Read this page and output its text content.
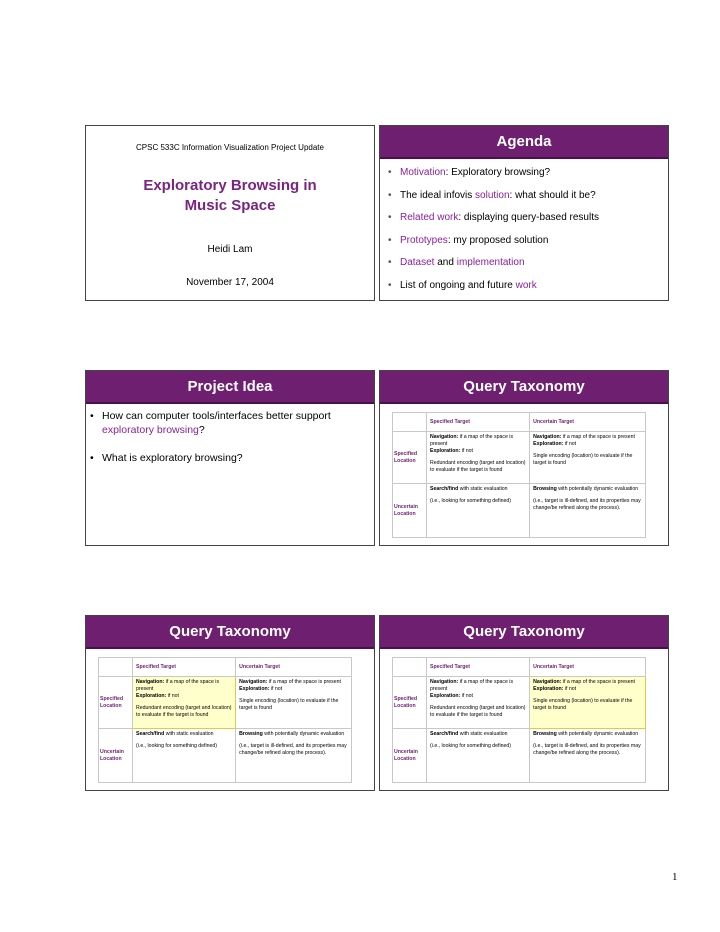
CPSC 533C Information Visualization Project Update
Exploratory Browsing in
Music Space
Heidi Lam
November 17, 2004
Agenda
• Motivation: Exploratory browsing?
• The ideal infovis solution: what should it be?
• Related work: displaying query-based results
• Prototypes: my proposed solution
• Dataset and implementation
• List of ongoing and future work
Project Idea
• How can computer tools/interfaces better support exploratory browsing?
• What is exploratory browsing?
Query Taxonomy
	Specified Target	Uncertain Target
Specified Location	Navigation: if a map of the space is present
Exploration: if not
Redundant encoding (target and location) to evaluate if the target is found	Navigation: if a map of the space is present
Exploration: if not
Single encoding (location) to evaluate if the target is found
Uncertain Location	Search/find with static evaluation
(i.e., looking for something defined)	Browsing with potentially dynamic evaluation
(i.e., target is ill-defined, and its properties may change/be refined along the process).
Query Taxonomy
	Specified Target	Uncertain Target
Specified Location	Navigation: if a map of the space is present
Exploration: if not
Redundant encoding (target and location) to evaluate if the target is found	Navigation: if a map of the space is present
Exploration: if not
Single encoding (location) to evaluate if the target is found
Uncertain Location	Search/find with static evaluation
(i.e., looking for something defined)	Browsing with potentially dynamic evaluation
(i.e., target is ill-defined, and its properties may change/be refined along the process).
Query Taxonomy
	Specified Target	Uncertain Target
Specified Location	Navigation: if a map of the space is present
Exploration: if not
Redundant encoding (target and location) to evaluate if the target is found	Navigation: if a map of the space is present
Exploration: if not
Single encoding (location) to evaluate if the target is found
Uncertain Location	Search/find with static evaluation
(i.e., looking for something defined)	Browsing with potentially dynamic evaluation
(i.e., target is ill-defined, and its properties may change/be refined along the process).
1
